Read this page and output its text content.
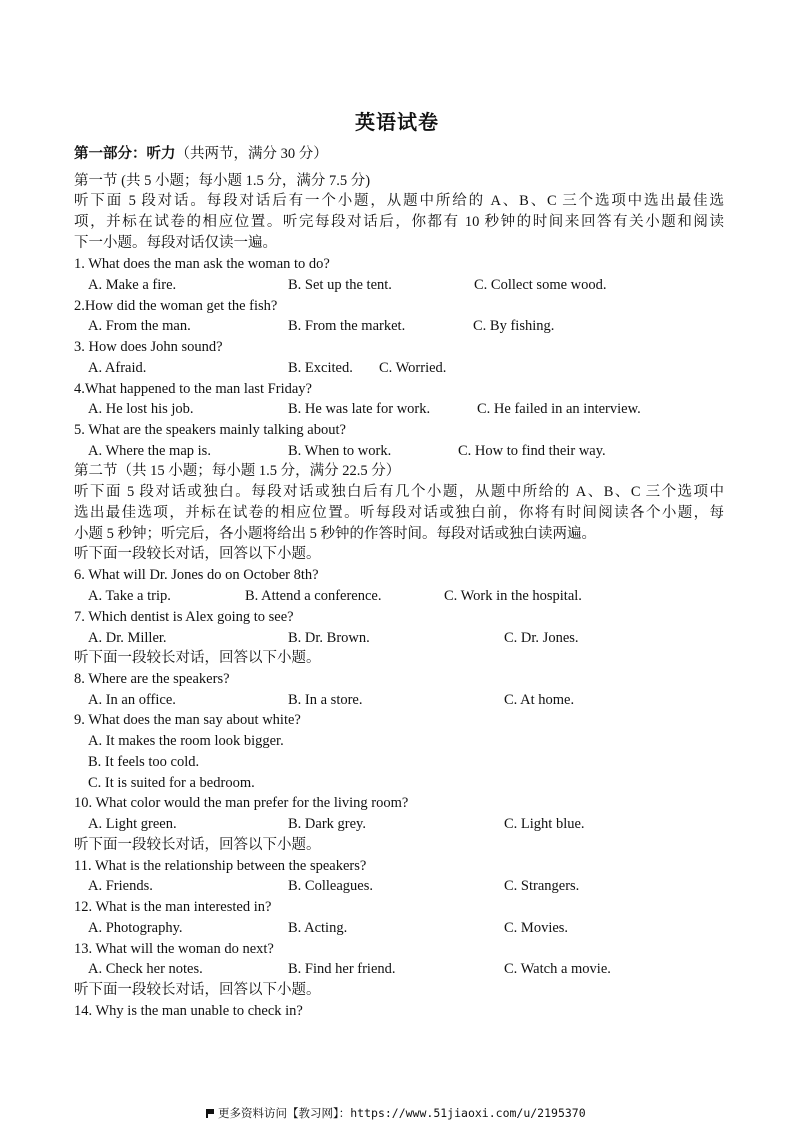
英语试卷
第一部分：听力（共两节，满分 30 分）
第一节 (共 5 小题；每小题 1.5 分，满分 7.5 分)
听下面 5 段对话。每段对话后有一个小题，从题中所给的 A、B、C 三个选项中选出最佳选
项，并标在试卷的相应位置。听完每段对话后，你都有 10 秒钟的时间来回答有关小题和阅读
下一小题。每段对话仅读一遍。
1. What does the man ask the woman to do?
A. Make a fire.	B. Set up the tent.	C. Collect some wood.
2.How did the woman get the fish?
A. From the man.	B. From the market.	C. By fishing.
3. How does John sound?
A. Afraid.	B. Excited. C. Worried.
4.What happened to the man last Friday?
A. He lost his job.	B. He was late for work.	C. He failed in an interview.
5. What are the speakers mainly talking about?
A. Where the map is.	B. When to work.	C. How to find their way.
第二节（共 15 小题；每小题 1.5 分，满分 22.5 分）
听下面 5 段对话或独白。每段对话或独白后有几个小题，从题中所给的 A、B、C 三个选项中
选出最佳选项，并标在试卷的相应位置。听每段对话或独白前，你将有时间阅读各个小题，每
小题 5 秒钟；听完后，各小题将给出 5 秒钟的作答时间。每段对话或独白读两遍。
听下面一段较长对话，回答以下小题。
6. What will Dr. Jones do on October 8th?
A. Take a trip.	B. Attend a conference.	C. Work in the hospital.
7. Which dentist is Alex going to see?
A. Dr. Miller.	B. Dr. Brown.	C. Dr. Jones.
听下面一段较长对话，回答以下小题。
8. Where are the speakers?
A. In an office.	B. In a store.	C. At home.
9. What does the man say about white?
A. It makes the room look bigger.
B. It feels too cold.
C. It is suited for a bedroom.
10. What color would the man prefer for the living room?
A. Light green.	B. Dark grey.	C. Light blue.
听下面一段较长对话，回答以下小题。
11. What is the relationship between the speakers?
A. Friends.	B. Colleagues.	C. Strangers.
12. What is the man interested in?
A. Photography.	B. Acting.	C. Movies.
13. What will the woman do next?
A. Check her notes.	B. Find her friend.	C. Watch a movie.
听下面一段较长对话，回答以下小题。
14. Why is the man unable to check in?
更多资料访问【教习网】：https://www.51jiaoxi.com/u/2195370
